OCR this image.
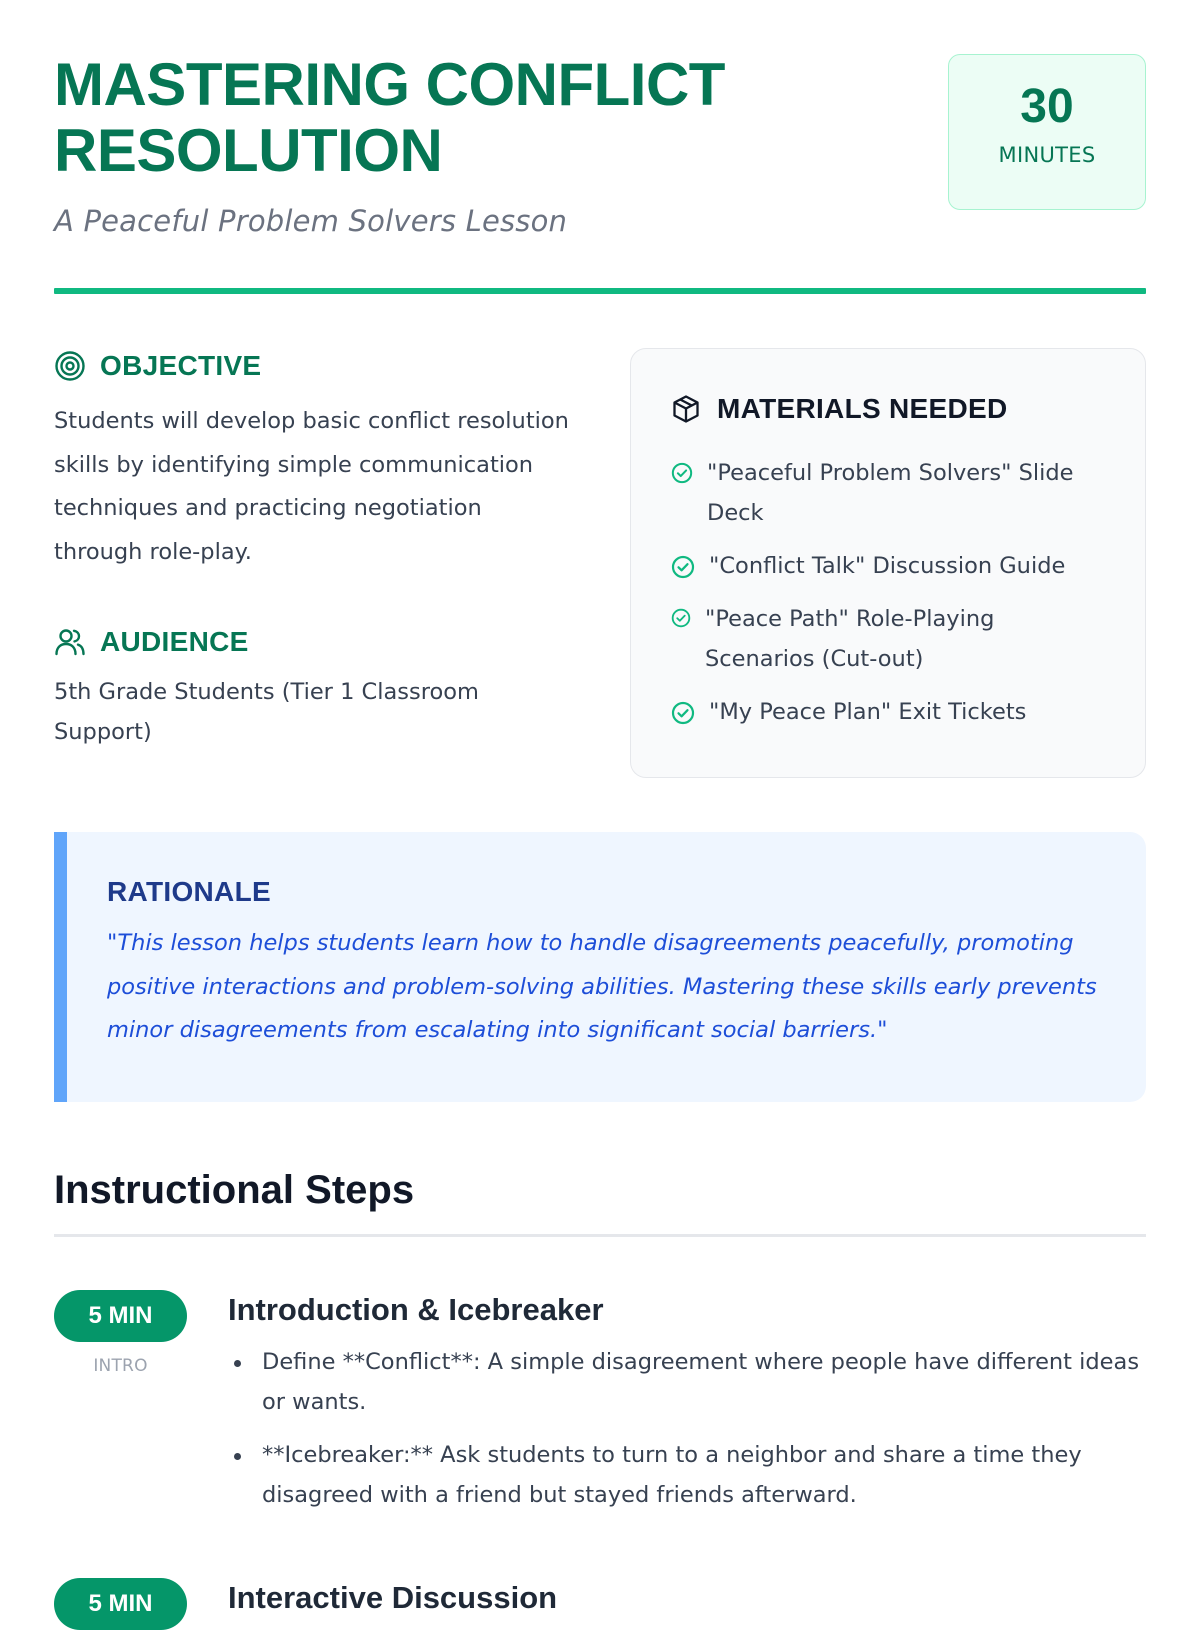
MASTERING CONFLICT RESOLUTION
A Peaceful Problem Solvers Lesson
30
MINUTES
OBJECTIVE

Students will develop basic conflict resolution skills by identifying simple communication techniques and practicing negotiation through role-play.

AUDIENCE

5th Grade Students (Tier 1 Classroom Support)

MATERIALS NEEDED
"Peaceful Problem Solvers" Slide Deck
"Conflict Talk" Discussion Guide
"Peace Path" Role-Playing Scenarios (Cut-out)
"My Peace Plan" Exit Tickets
RATIONALE

"This lesson helps students learn how to handle disagreements peacefully, promoting positive interactions and problem-solving abilities. Mastering these skills early prevents minor disagreements from escalating into significant social barriers."

Instructional Steps
5 MIN
INTRO
Introduction & Icebreaker
Define **Conflict**: A simple disagreement where people have different ideas or wants.
**Icebreaker:** Ask students to turn to a neighbor and share a time they disagreed with a friend but stayed friends afterward.
5 MIN	Interactive Discussion
